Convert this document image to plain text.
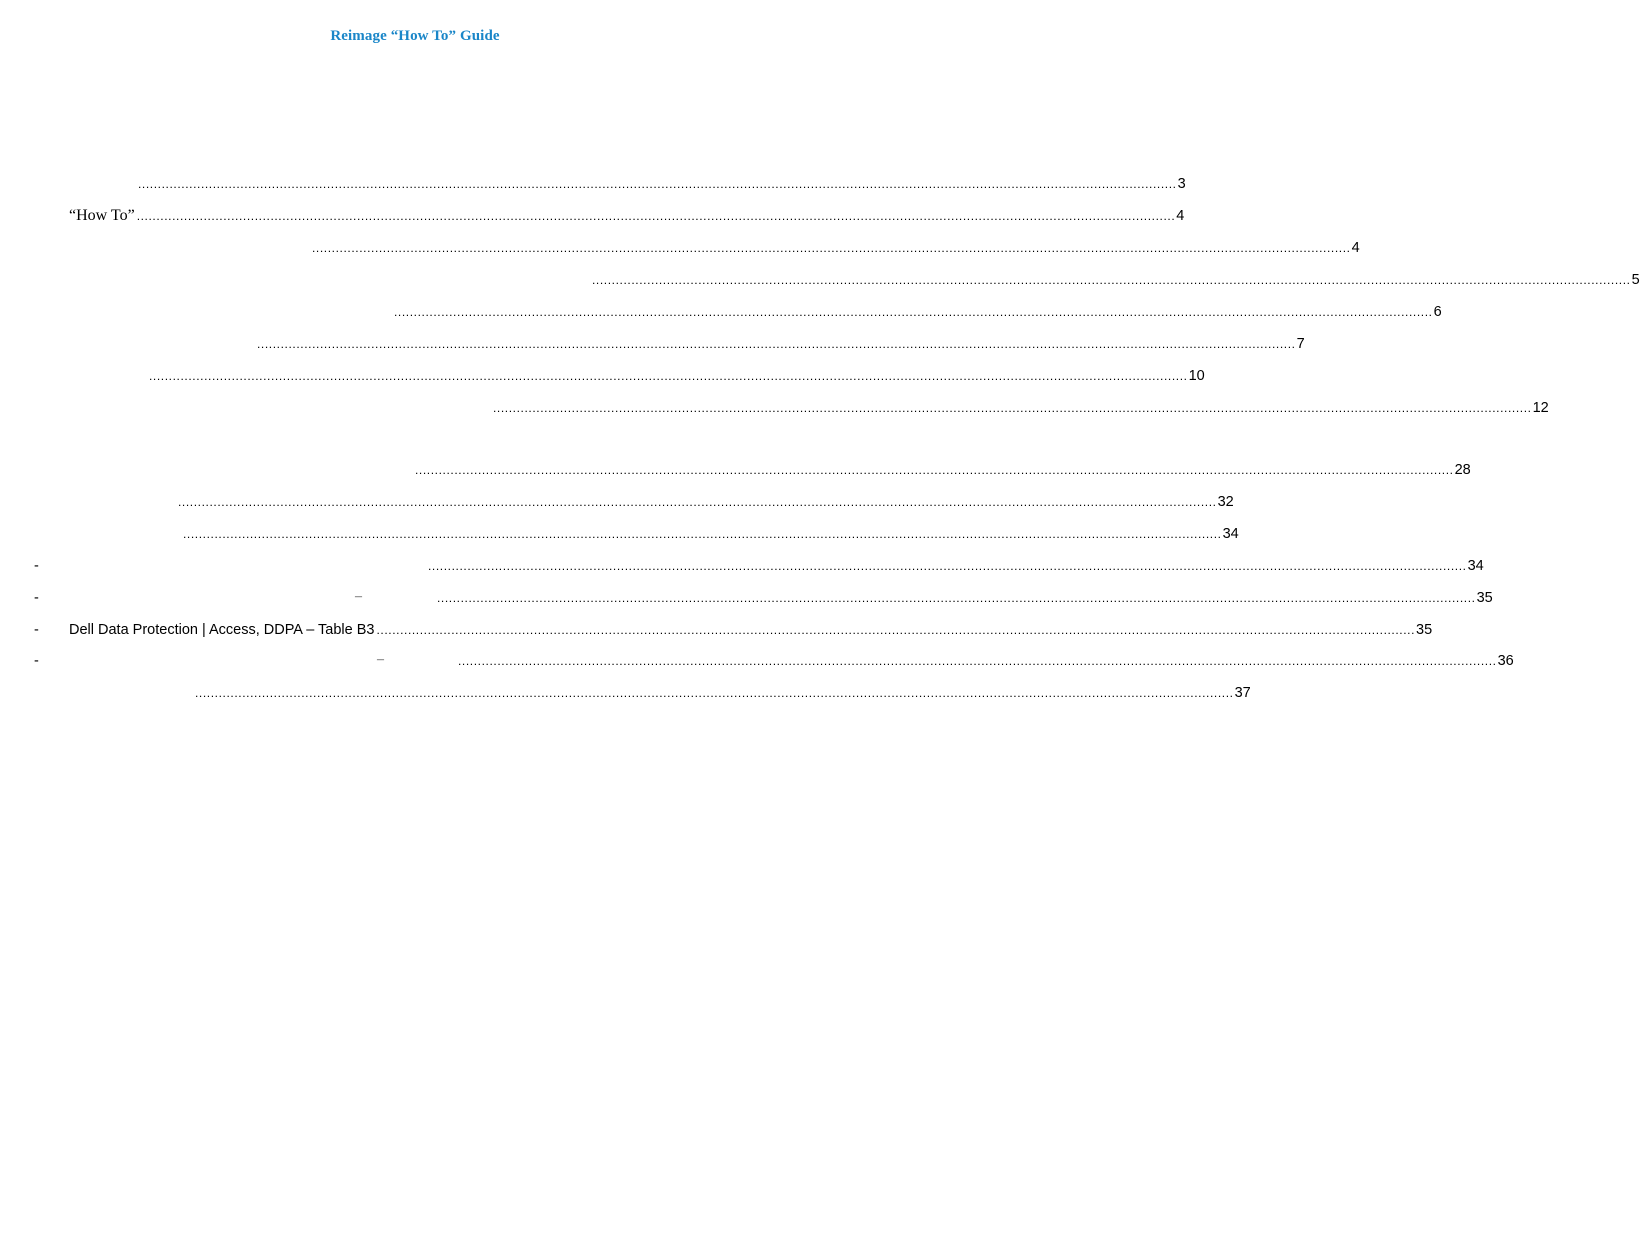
Reimage “How To” Guide
........................................................................................................................................................................................................................................................................ 3
“How To” ........................................................................................................................................................................................................................................................................ 4
........................................................................................................................................................................................................................................................................ 4
........................................................................................................................................................................................................................................................................ 5
........................................................................................................................................................................................................................................................................ 6
........................................................................................................................................................................................................................................................................ 7
........................................................................................................................................................................................................................................................................ 10
........................................................................................................................................................................................................................................................................ 12
........................................................................................................................................................................................................................................................................ 28
........................................................................................................................................................................................................................................................................ 32
........................................................................................................................................................................................................................................................................ 34
-	........................................................................................................................................................................................................................................................................ 34
-	–	........................................................................................................................................................................................................................................................................ 35
- Dell Data Protection | Access, DDPA – Table B3 ........................................................................................................................................................................................................................................................................ 35
-	–	........................................................................................................................................................................................................................................................................ 36
........................................................................................................................................................................................................................................................................ 37
